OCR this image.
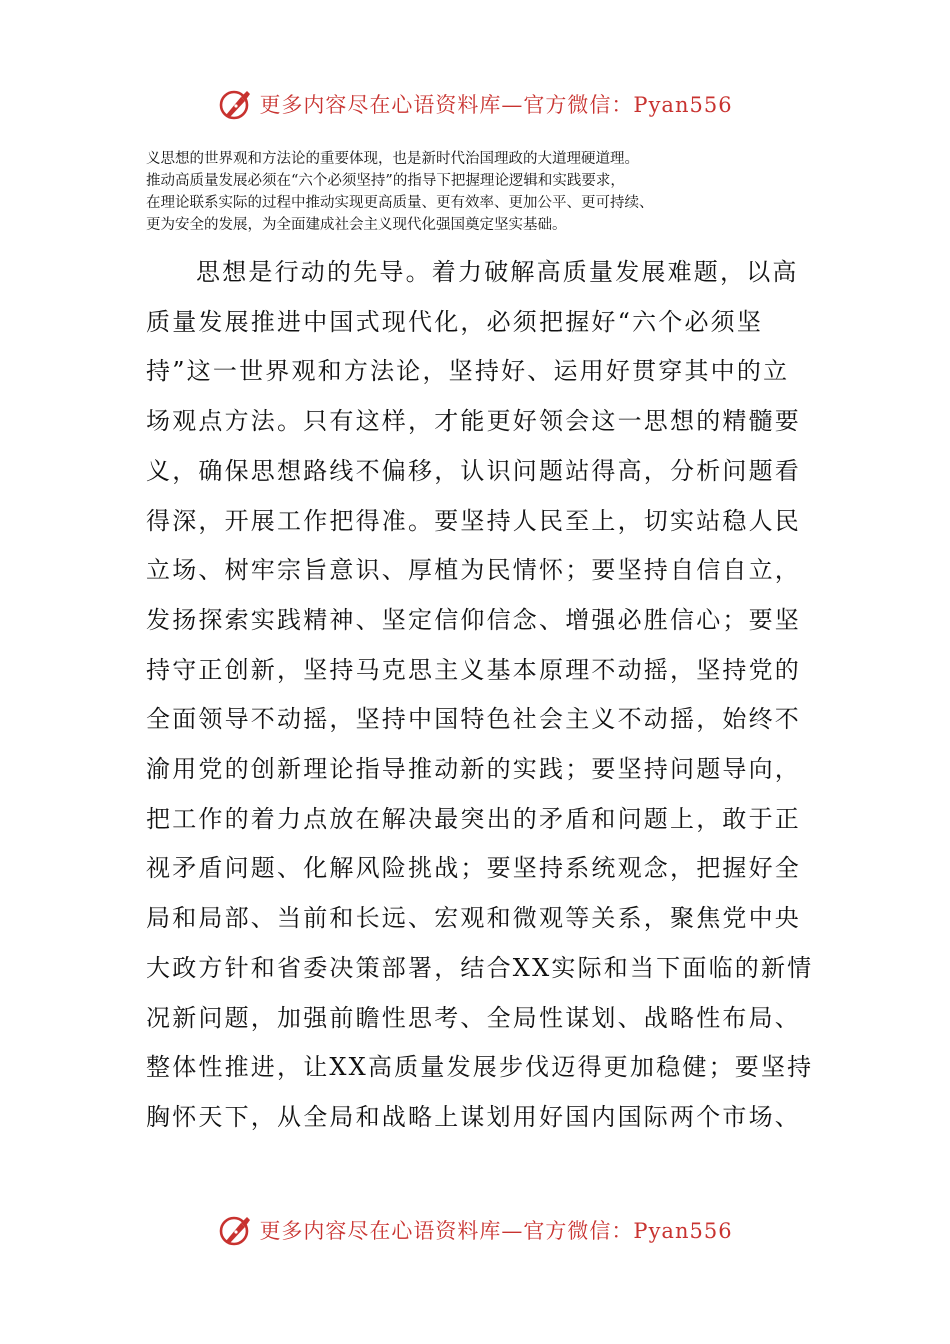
更多内容尽在心语资料库—官方微信：Pyan556

义思想的世界观和方法论的重要体现，也是新时代治国理政的大道理硬道理。

推动高质量发展必须在“六个必须坚持”的指导下把握理论逻辑和实践要求，

在理论联系实际的过程中推动实现更高质量、更有效率、更加公平、更可持续、

更为安全的发展，为全面建成社会主义现代化强国奠定坚实基础。

思想是行动的先导。着力破解高质量发展难题，以高

质量发展推进中国式现代化，必须把握好“六个必须坚

持”这一世界观和方法论，坚持好、运用好贯穿其中的立

场观点方法。只有这样，才能更好领会这一思想的精髓要

义，确保思想路线不偏移，认识问题站得高，分析问题看

得深，开展工作把得准。要坚持人民至上，切实站稳人民

立场、树牢宗旨意识、厚植为民情怀；要坚持自信自立，

发扬探索实践精神、坚定信仰信念、增强必胜信心；要坚

持守正创新，坚持马克思主义基本原理不动摇，坚持党的

全面领导不动摇，坚持中国特色社会主义不动摇，始终不

渝用党的创新理论指导推动新的实践；要坚持问题导向，

把工作的着力点放在解决最突出的矛盾和问题上，敢于正

视矛盾问题、化解风险挑战；要坚持系统观念，把握好全

局和局部、当前和长远、宏观和微观等关系，聚焦党中央

大政方针和省委决策部署，结合XX实际和当下面临的新情

况新问题，加强前瞻性思考、全局性谋划、战略性布局、

整体性推进，让XX高质量发展步伐迈得更加稳健；要坚持

胸怀天下，从全局和战略上谋划用好国内国际两个市场、

更多内容尽在心语资料库—官方微信：Pyan556
